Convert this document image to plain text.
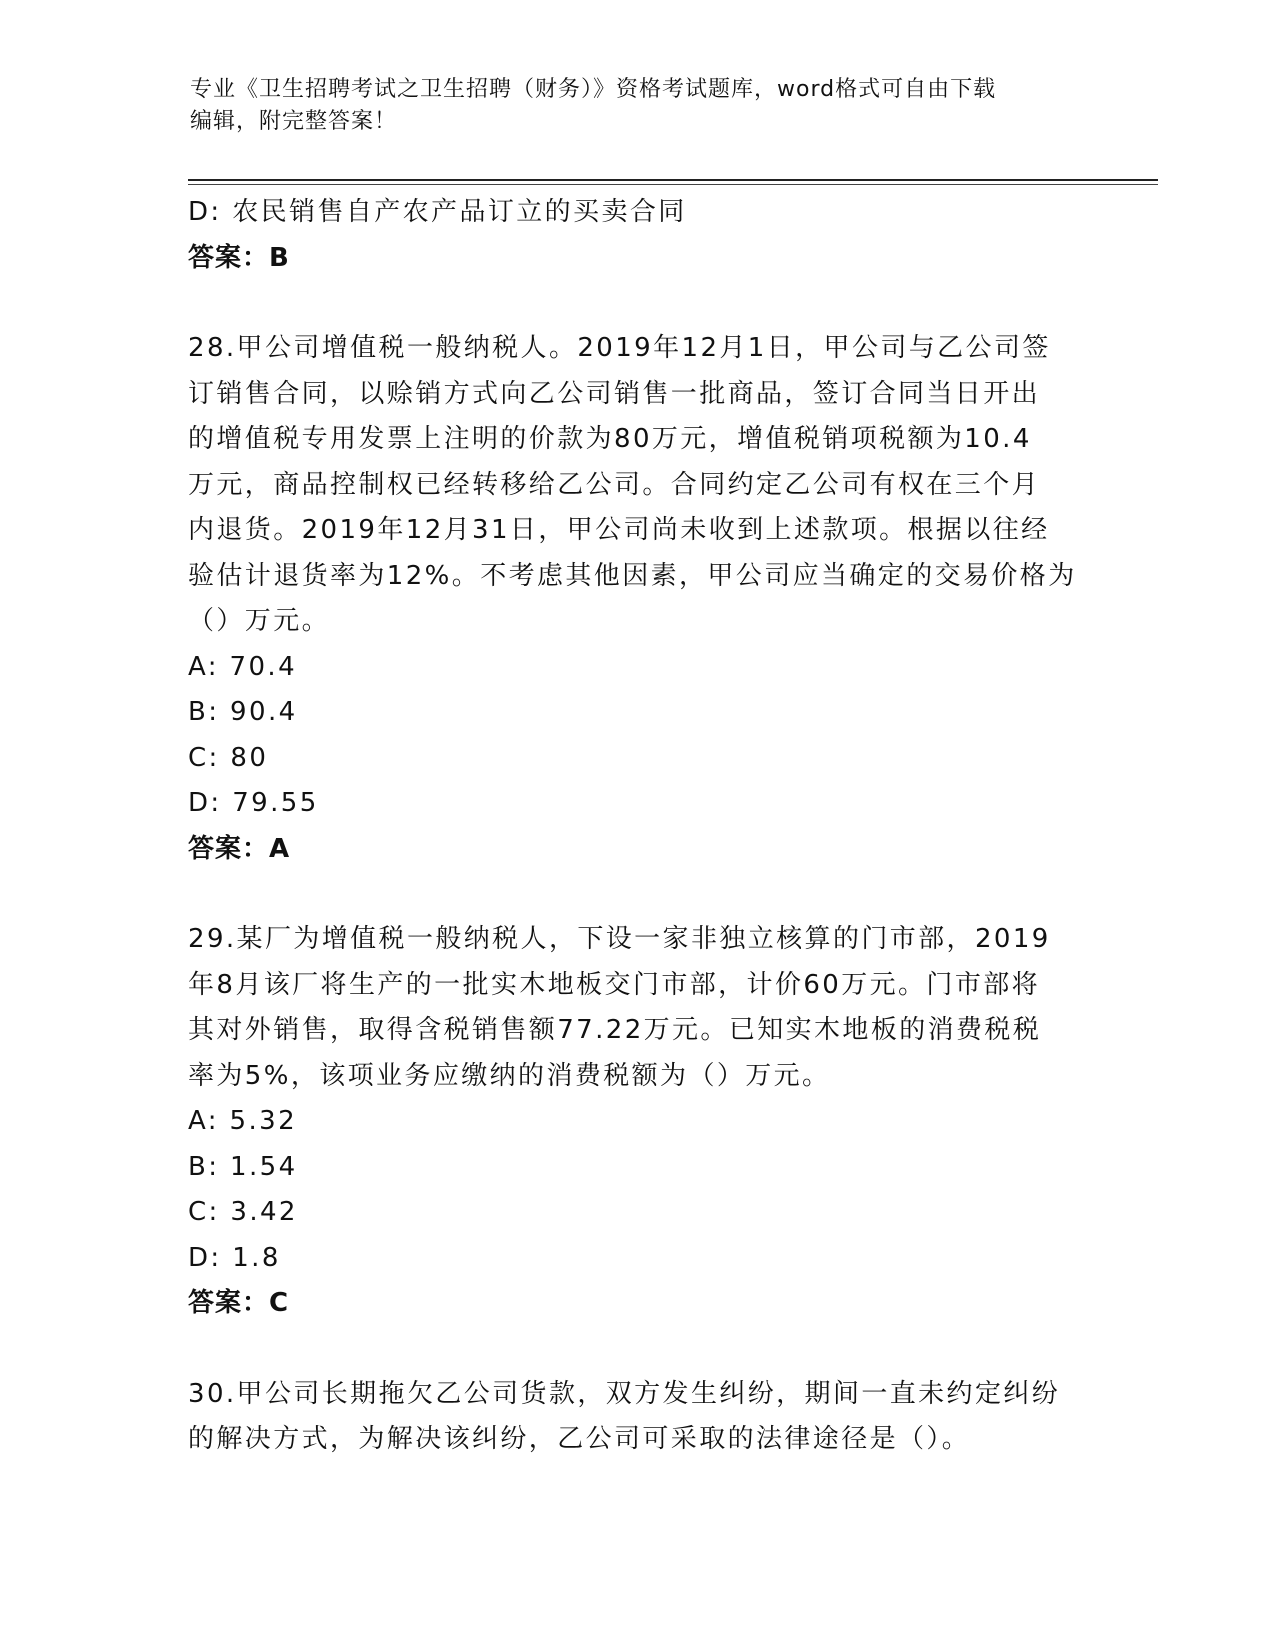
专业《卫生招聘考试之卫生招聘（财务）》资格考试题库，word格式可自由下载
编辑，附完整答案！
D: 农民销售自产农产品订立的买卖合同
答案：B
28.甲公司增值税一般纳税人。2019年12月1日，甲公司与乙公司签
订销售合同，以赊销方式向乙公司销售一批商品，签订合同当日开出
的增值税专用发票上注明的价款为80万元，增值税销项税额为10.4
万元，商品控制权已经转移给乙公司。合同约定乙公司有权在三个月
内退货。2019年12月31日，甲公司尚未收到上述款项。根据以往经
验估计退货率为12%。不考虑其他因素，甲公司应当确定的交易价格为
（）万元。
A: 70.4
B: 90.4
C: 80
D: 79.55
答案：A
29.某厂为增值税一般纳税人，下设一家非独立核算的门市部，2019
年8月该厂将生产的一批实木地板交门市部，计价60万元。门市部将
其对外销售，取得含税销售额77.22万元。已知实木地板的消费税税
率为5%，该项业务应缴纳的消费税额为（）万元。
A: 5.32
B: 1.54
C: 3.42
D: 1.8
答案：C
30.甲公司长期拖欠乙公司货款，双方发生纠纷，期间一直未约定纠纷
的解决方式，为解决该纠纷，乙公司可采取的法律途径是（）。
